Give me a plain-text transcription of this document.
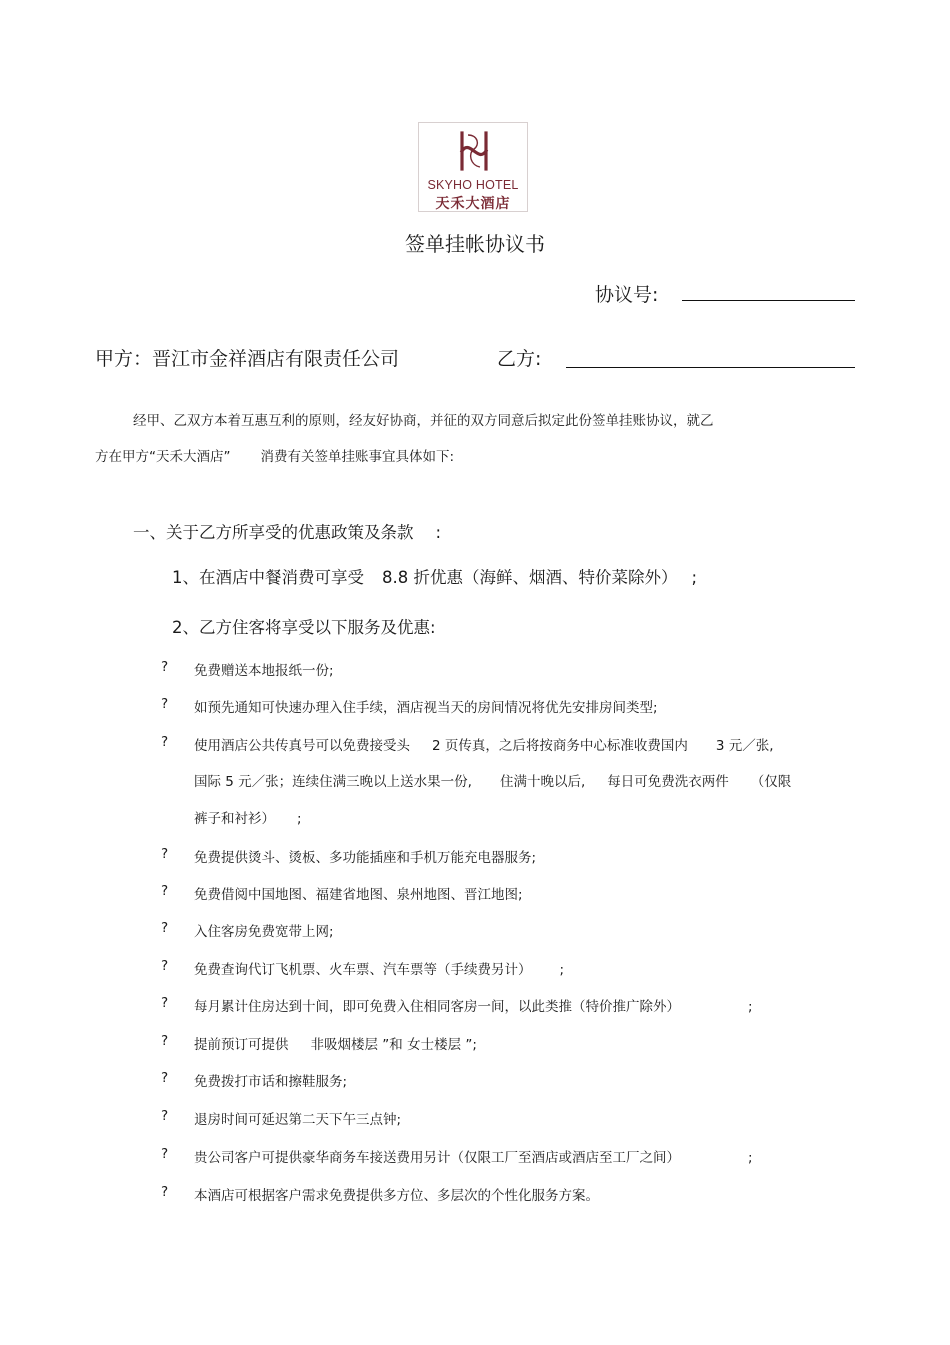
SKYHO HOTEL
天禾大酒店
签单挂帐协议书
协议号:
甲方：晋江市金祥酒店有限责任公司	乙方:
经甲、乙双方本着互惠互利的原则，经友好协商，并征的双方同意后拟定此份签单挂账协议，就乙
方在甲方“天禾大酒店” 消费有关签单挂账事宜具体如下:
一、关于乙方所享受的优惠政策及条款 :
1、在酒店中餐消费可享受 8.8 折优惠（海鲜、烟酒、特价菜除外） ;
2、乙方住客将享受以下服务及优惠:
? 免费赠送本地报纸一份;
? 如预先通知可快速办理入住手续，酒店视当天的房间情况将优先安排房间类型;
? 使用酒店公共传真号可以免费接受头 2 页传真，之后将按商务中心标准收费国内 3 元／张,
国际 5 元／张；连续住满三晚以上送水果一份, 住满十晚以后, 每日可免费洗衣两件 （仅限
裤子和衬衫） ;
? 免费提供烫斗、烫板、多功能插座和手机万能充电器服务;
? 免费借阅中国地图、福建省地图、泉州地图、晋江地图;
? 入住客房免费宽带上网;
? 免费查询代订飞机票、火车票、汽车票等（手续费另计） ;
? 每月累计住房达到十间，即可免费入住相同客房一间，以此类推（特价推广除外）	;
? 提前预订可提供 非吸烟楼层 ”和 女士楼层 ”;
? 免费拨打市话和擦鞋服务;
? 退房时间可延迟第二天下午三点钟;
? 贵公司客户可提供豪华商务车接送费用另计（仅限工厂至酒店或酒店至工厂之间）	;
? 本酒店可根据客户需求免费提供多方位、多层次的个性化服务方案。
